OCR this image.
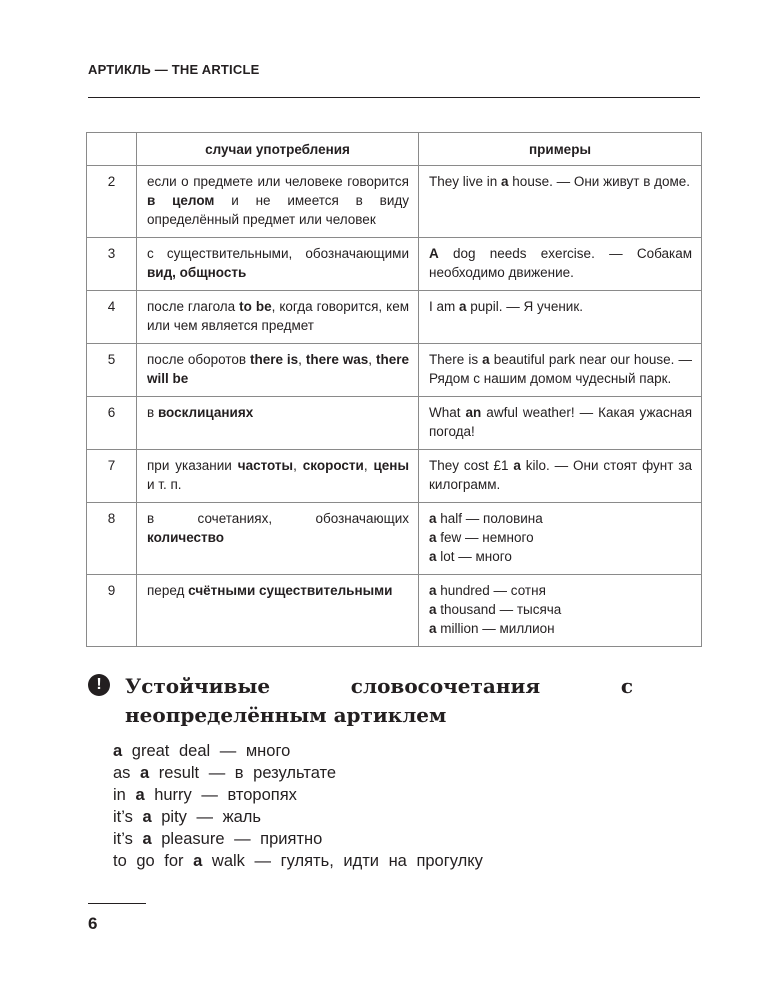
АРТИКЛЬ — THE ARTICLE
	случаи употребления	примеры
2	если о предмете или человеке говорится в целом и не имеется в виду определённый предмет или человек	They live in a house. — Они живут в доме.

3	с существительными, обозначающими вид, общность	A dog needs exercise. — Собакам необходимо движение.

4	после глагола to be, когда говорится, кем или чем является предмет	I am a pupil. — Я ученик.

5	после оборотов there is, there was, there will be	There is a beautiful park near our house. — Рядом с нашим домом чудесный парк.

6	в восклицаниях	What an awful weather! — Какая ужасная погода!

7	при указании частоты, скорости, цены и т. п.	They cost £1 a kilo. — Они стоят фунт за килограмм.

8	в сочетаниях, обозначающих количество	a half — половина
a few — немного
a lot — много

9	перед счётными существительными	a hundred — сотня
a thousand — тысяча
a million — миллион
!	Устойчивые словосочетания с неопределённым артиклем
a great deal — много
as a result — в результате
in a hurry — второпях
it’s a pity — жаль
it’s a pleasure — приятно
to go for a walk — гулять, идти на прогулку
6
